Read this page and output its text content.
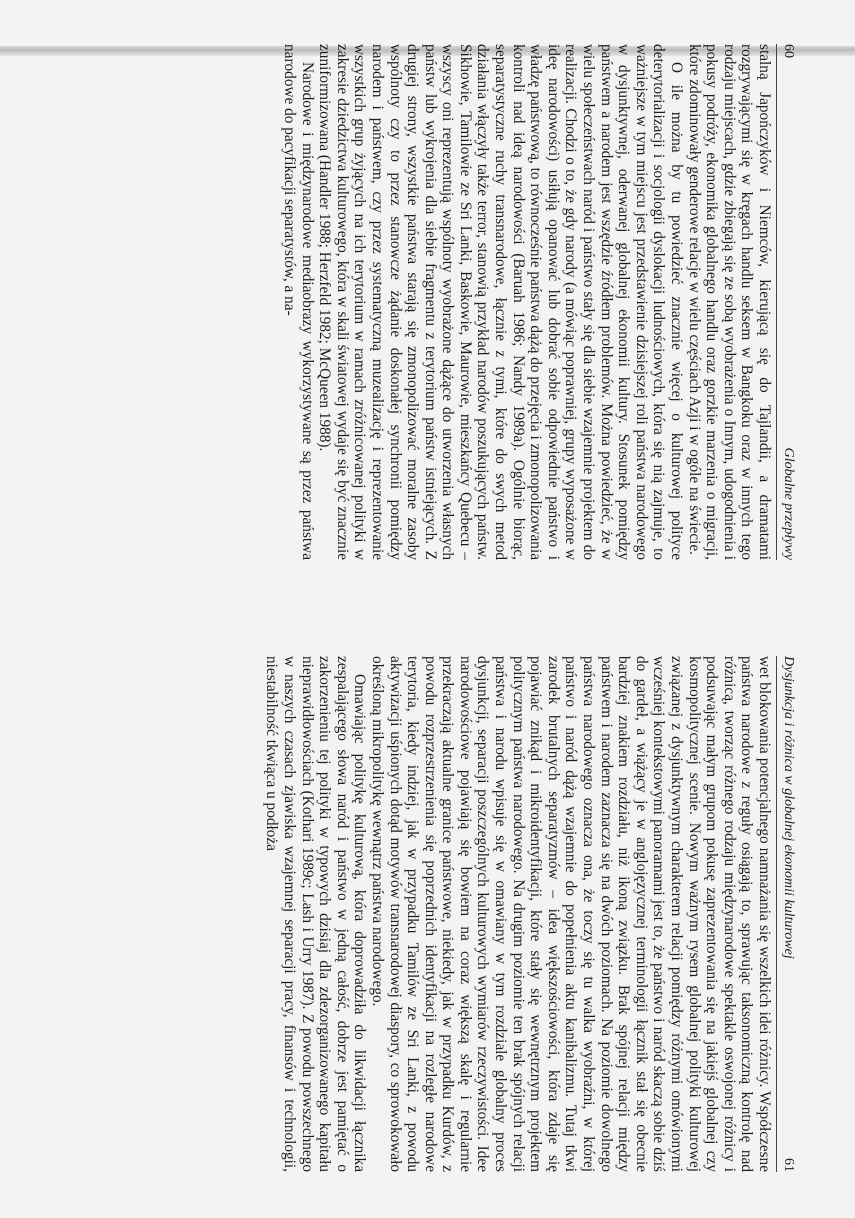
60
Globalne przepływy

stalną Japończyków i Niemców, kierującą się do Tajlandii, a dramatami rozgrywającymi się w kręgach handlu seksem w Bangkoku oraz w innych tego rodzaju miejscach, gdzie zbiegają się ze sobą wyobrażenia o Innym, udogodnienia i pokusy podróży, ekonomika globalnego handlu oraz gorzkie marzenia o migracji, które zdominowały genderowe relacje w wielu częściach Azji i w ogóle na świecie.

O ile można by tu powiedzieć znacznie więcej o kulturowej polityce deterytorializacji i socjologii dyslokacji ludnościowych, która się nią zajmuje, to ważniejsze w tym miejscu jest przedstawienie dzisiejszej roli państwa narodowego w dysjunktywnej, oderwanej globalnej ekonomii kultury. Stosunek pomiędzy państwem a narodem jest wszędzie źródłem problemów. Można powiedzieć, że w wielu społeczeństwach naród i państwo stały się dla siebie wzajemnie projektem do realizacji. Chodzi o to, że gdy narody (a mówiąc poprawniej, grupy wyposażone w ideę narodowości) usiłują opanować lub dobrać sobie odpowiednie państwo i władzę państwową, to równocześnie państwa dążą do przejęcia i zmonopolizowania kontroli nad ideą narodowości (Baruah 1986; Nandy 1989a). Ogólnie biorąc, separatystyczne ruchy transnarodowe, łącznie z tymi, które do swych metod działania włączyły także terror, stanowią przykład narodów poszukujących państw. Sikhowie, Tamilowie ze Sri Lanki, Baskowie, Maurowie, mieszkańcy Quebecu – wszyscy oni reprezentują wspólnoty wyobrażone dążące do utworzenia własnych państw lub wykrojenia dla siebie fragmentu z terytorium państw istniejących. Z drugiej strony, wszystkie państwa starają się zmonopolizować moralne zasoby wspólnoty czy to przez stanowcze żądanie doskonałej synchronii pomiędzy narodem i państwem, czy przez systematyczną muzealizację i reprezentowanie wszystkich grup żyjących na ich terytorium w ramach zróżnicowanej polityki w zakresie dziedzictwa kulturowego, która w skali światowej wydaje się być znacznie zuniformizowana (Handler 1988; Herzfeld 1982; McQueen 1988).

Narodowe i międzynarodowe mediaobrazy wykorzystywane są przez państwa narodowe do pacyfikacji separatystów, a na-

Dysjunkcja i różnica w globalnej ekonomii kulturowej
61

wet blokowania potencjalnego namnażania się wszelkich idei różnicy. Współczesne państwa narodowe z reguły osiągają to, sprawując taksonomiczną kontrolę nad różnicą, tworząc różnego rodzaju międzynarodowe spektakle oswojonej różnicy i podsuwając małym grupom pokusę zaprezentowania się na jakiejś globalnej czy kosmopolitycznej scenie. Nowym ważnym rysem globalnej polityki kulturowej związanej z dysjunktywnym charakterem relacji pomiędzy różnymi omówionymi wcześniej kontekstowymi panoramami jest to, że państwo i naród skaczą sobie dziś do gardeł, a wiążący je w anglojęzycznej terminologii łącznik stał się obecnie bardziej znakiem rozdziału, niż ikoną związku. Brak spójnej relacji między państwem i narodem zaznacza się na dwóch poziomach. Na poziomie dowolnego państwa narodowego oznacza ona, że toczy się tu walka wyobraźni, w której państwo i naród dążą wzajemnie do popełnienia aktu kanibalizmu. Tutaj tkwi zarodek brutalnych separatyzmów – idea większościowości, która zdaje się pojawiać znikąd i mikroidentyfikacji, które stały się wewnętrznym projektem politycznym państwa narodowego. Na drugim poziomie ten brak spójnych relacji państwa i narodu wpisuje się w omawiany w tym rozdziale globalny proces dysjunkcji, separacji poszczególnych kulturowych wymiarów rzeczywistości. Idee narodowościowe pojawiają się bowiem na coraz większą skalę i regularnie przekraczają aktualne granice państwowe, niekiedy, jak w przypadku Kurdów, z powodu rozprzestrzenienia się poprzednich identyfikacji na rozległe narodowe terytoria, kiedy indziej, jak w przypadku Tamilów ze Sri Lanki, z powodu aktywizacji uśpionych dotąd motywów transnarodowej diaspory, co sprowokowało określoną mikropolitykę wewnątrz państwa narodowego.

Omawiając politykę kulturową, która doprowadziła do likwidacji łącznika zespalającego słowa naród i państwo w jedną całość, dobrze jest pamiętać o zakorzenieniu tej polityki w typowych dzisiaj dla zdezorganizowanego kapitału nieprawidłowościach (Kothari 1989c; Lash i Urry 1987). Z powodu powszechnego w naszych czasach zjawiska wzajemnej separacji pracy, finansów i technologii, niestabilność tkwiąca u podłoża
